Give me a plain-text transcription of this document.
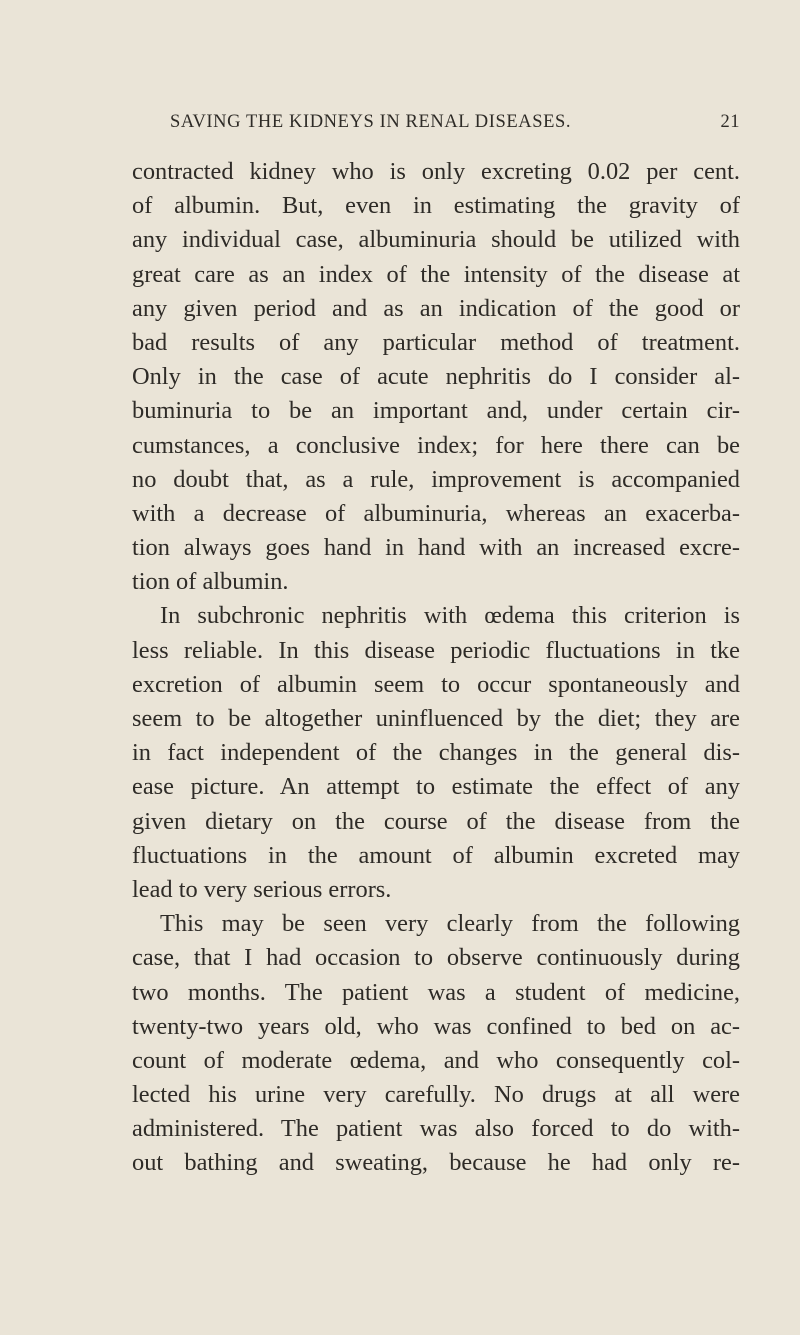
SAVING THE KIDNEYS IN RENAL DISEASES.	21
contracted kidney who is only excreting 0.02 per cent.
of albumin. But, even in estimating the gravity of
any individual case, albuminuria should be utilized with
great care as an index of the intensity of the disease at
any given period and as an indication of the good or
bad results of any particular method of treatment.
Only in the case of acute nephritis do I consider al-
buminuria to be an important and, under certain cir-
cumstances, a conclusive index; for here there can be
no doubt that, as a rule, improvement is accompanied
with a decrease of albuminuria, whereas an exacerba-
tion always goes hand in hand with an increased excre-
tion of albumin.
In subchronic nephritis with œdema this criterion is
less reliable. In this disease periodic fluctuations in tke
excretion of albumin seem to occur spontaneously and
seem to be altogether uninfluenced by the diet; they are
in fact independent of the changes in the general dis-
ease picture. An attempt to estimate the effect of any
given dietary on the course of the disease from the
fluctuations in the amount of albumin excreted may
lead to very serious errors.
This may be seen very clearly from the following
case, that I had occasion to observe continuously during
two months. The patient was a student of medicine,
twenty-two years old, who was confined to bed on ac-
count of moderate œdema, and who consequently col-
lected his urine very carefully. No drugs at all were
administered. The patient was also forced to do with-
out bathing and sweating, because he had only re-
